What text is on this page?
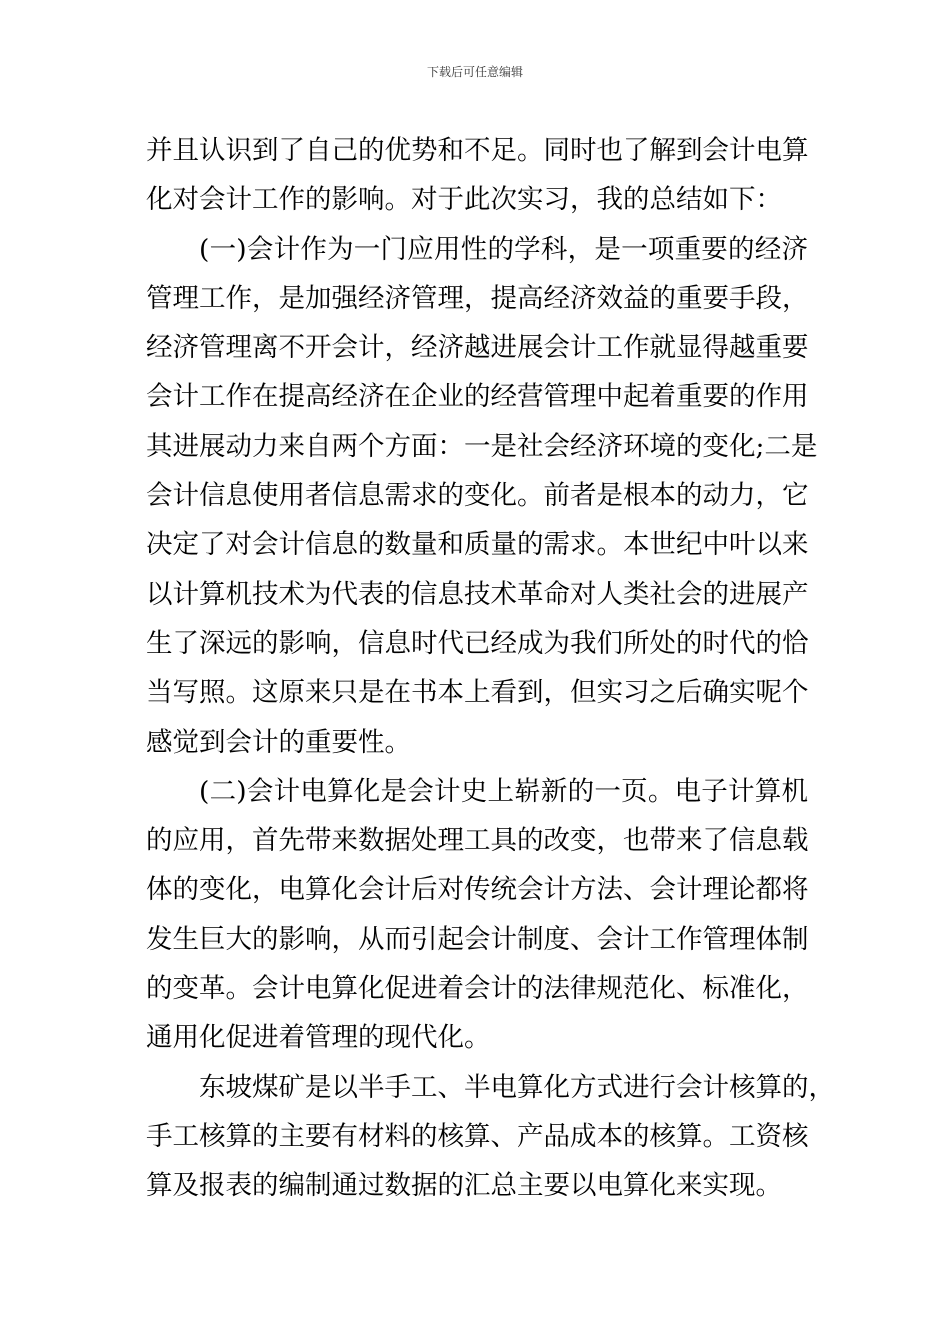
下载后可任意编辑
并且认识到了自己的优势和不足。同时也了解到会计电算
化对会计工作的影响。对于此次实习，我的总结如下：
(一)会计作为一门应用性的学科，是一项重要的经济
管理工作，是加强经济管理，提高经济效益的重要手段，
经济管理离不开会计，经济越进展会计工作就显得越重要
会计工作在提高经济在企业的经营管理中起着重要的作用
其进展动力来自两个方面：一是社会经济环境的变化;二是
会计信息使用者信息需求的变化。前者是根本的动力，它
决定了对会计信息的数量和质量的需求。本世纪中叶以来
以计算机技术为代表的信息技术革命对人类社会的进展产
生了深远的影响，信息时代已经成为我们所处的时代的恰
当写照。这原来只是在书本上看到，但实习之后确实呢个
感觉到会计的重要性。
(二)会计电算化是会计史上崭新的一页。电子计算机
的应用，首先带来数据处理工具的改变，也带来了信息载
体的变化，电算化会计后对传统会计方法、会计理论都将
发生巨大的影响，从而引起会计制度、会计工作管理体制
的变革。会计电算化促进着会计的法律规范化、标准化，
通用化促进着管理的现代化。
东坡煤矿是以半手工、半电算化方式进行会计核算的，
手工核算的主要有材料的核算、产品成本的核算。工资核
算及报表的编制通过数据的汇总主要以电算化来实现。
